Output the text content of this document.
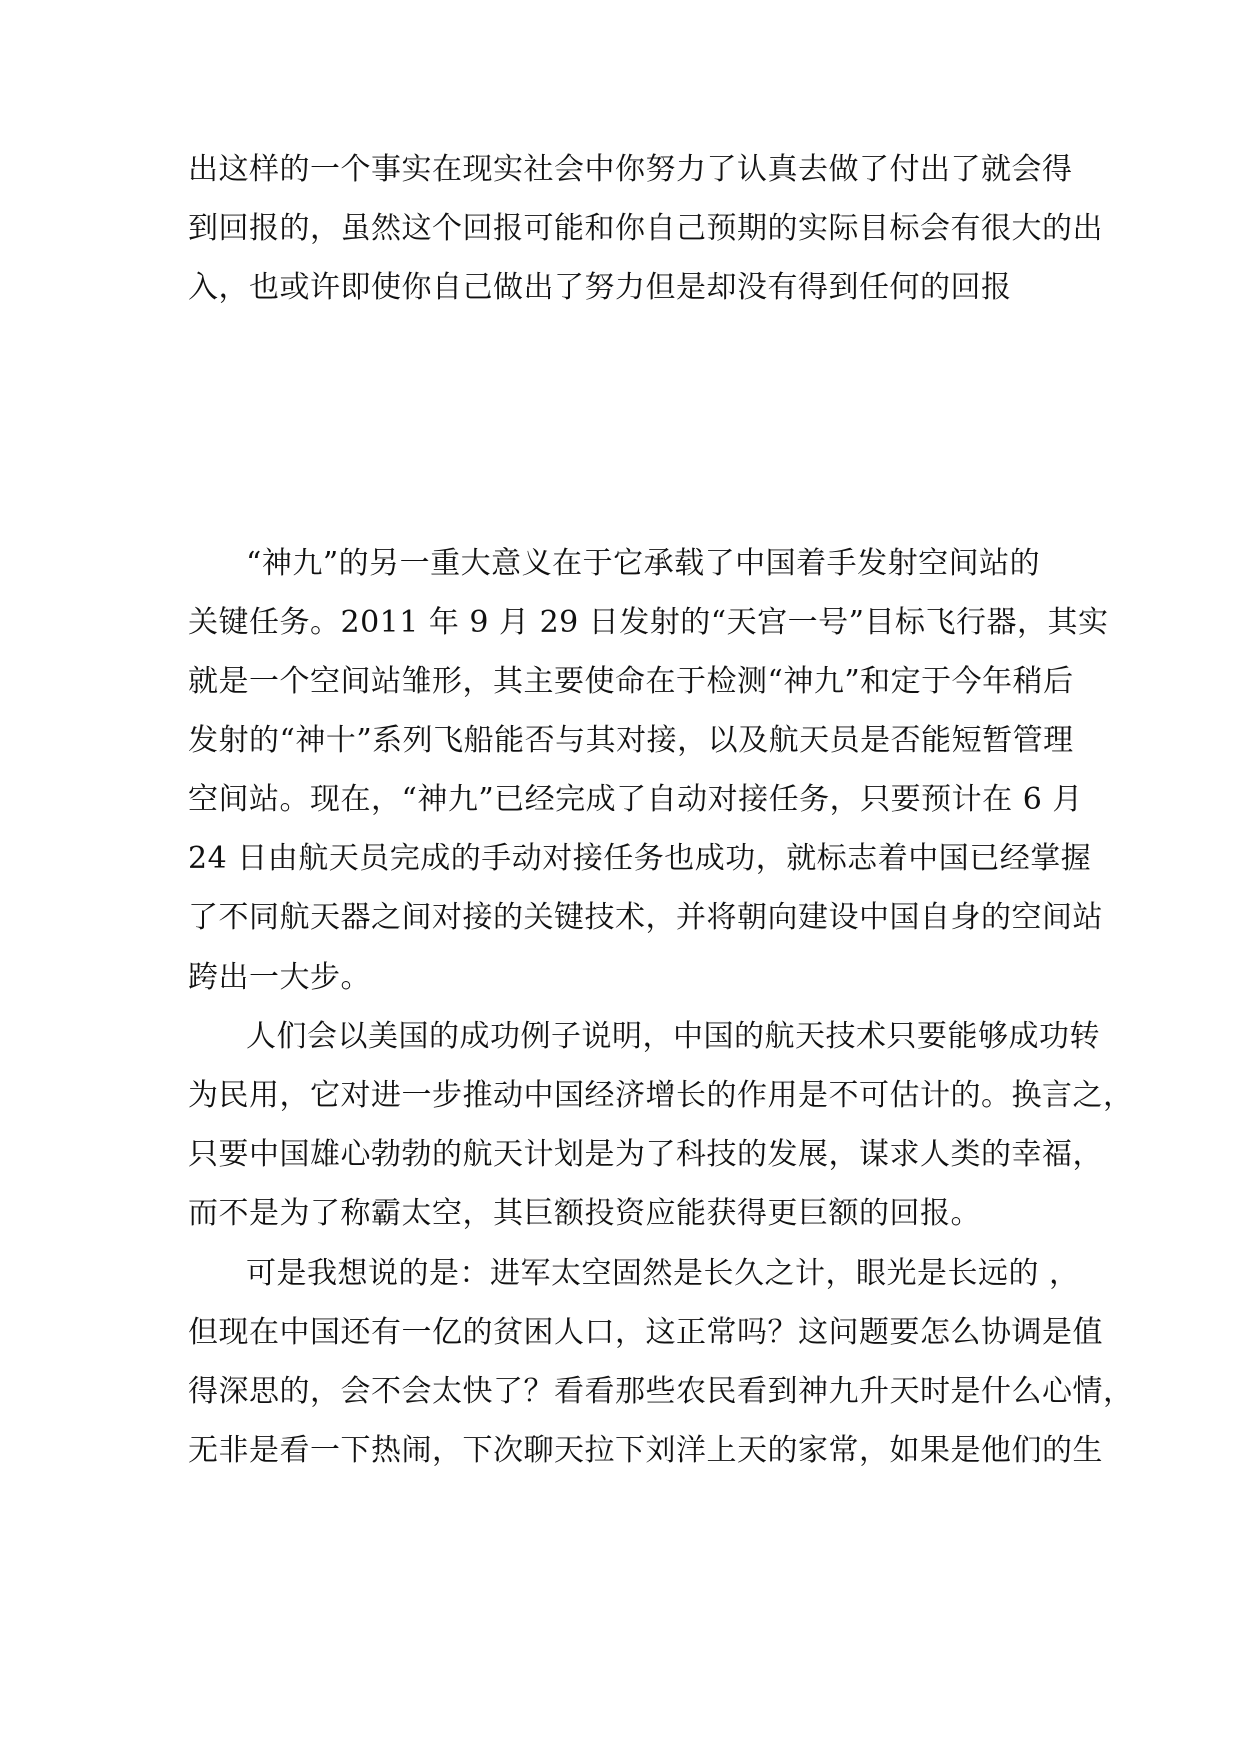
出这样的一个事实在现实社会中你努力了认真去做了付出了就会得
到回报的，虽然这个回报可能和你自己预期的实际目标会有很大的出
入，也或许即使你自己做出了努力但是却没有得到任何的回报
“神九”的另一重大意义在于它承载了中国着手发射空间站的
关键任务。2011 年 9 月 29 日发射的“天宫一号”目标飞行器，其实
就是一个空间站雏形，其主要使命在于检测“神九”和定于今年稍后
发射的“神十”系列飞船能否与其对接，以及航天员是否能短暂管理
空间站。现在，“神九”已经完成了自动对接任务，只要预计在 6 月
24 日由航天员完成的手动对接任务也成功，就标志着中国已经掌握
了不同航天器之间对接的关键技术，并将朝向建设中国自身的空间站
跨出一大步。
人们会以美国的成功例子说明，中国的航天技术只要能够成功转
为民用，它对进一步推动中国经济增长的作用是不可估计的。换言之，
只要中国雄心勃勃的航天计划是为了科技的发展，谋求人类的幸福，
而不是为了称霸太空，其巨额投资应能获得更巨额的回报。
可是我想说的是：进军太空固然是长久之计，眼光是长远的 ，
但现在中国还有一亿的贫困人口，这正常吗？这问题要怎么协调是值
得深思的，会不会太快了？看看那些农民看到神九升天时是什么心情，
无非是看一下热闹，下次聊天拉下刘洋上天的家常，如果是他们的生
